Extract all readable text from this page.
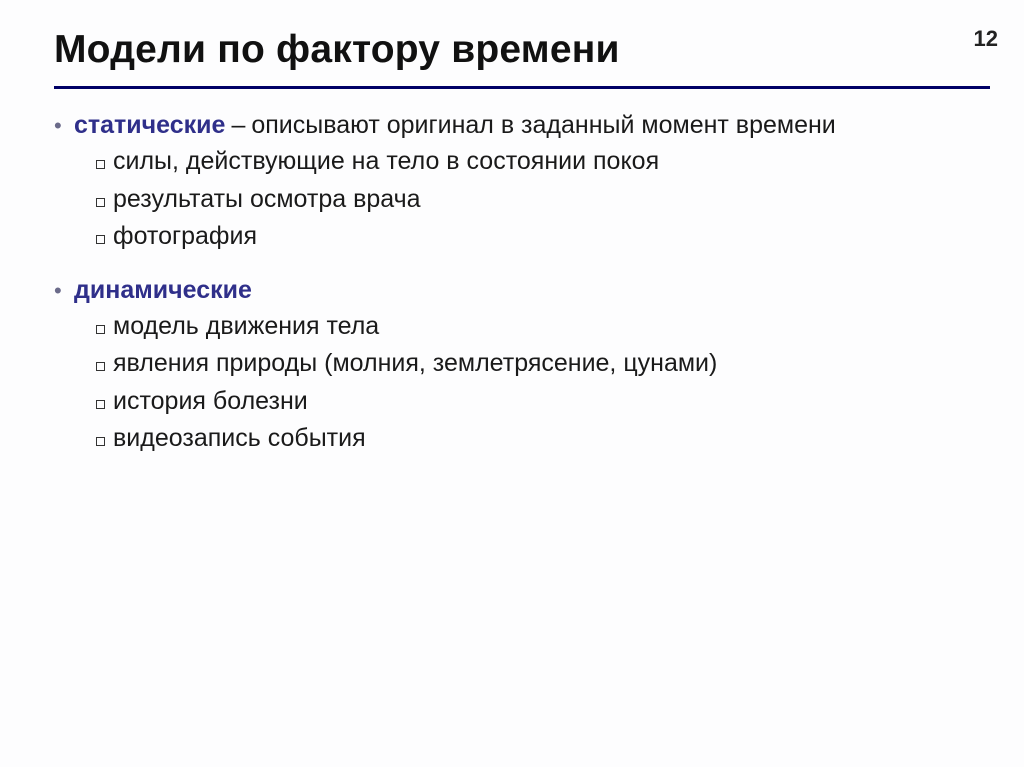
Модели по фактору времени	12
• статические – описывают оригинал в заданный момент времени
силы, действующие на тело в состоянии покоя
результаты осмотра врача
фотография
• динамические
модель движения тела
явления природы (молния, землетрясение, цунами)
история болезни
видеозапись события
